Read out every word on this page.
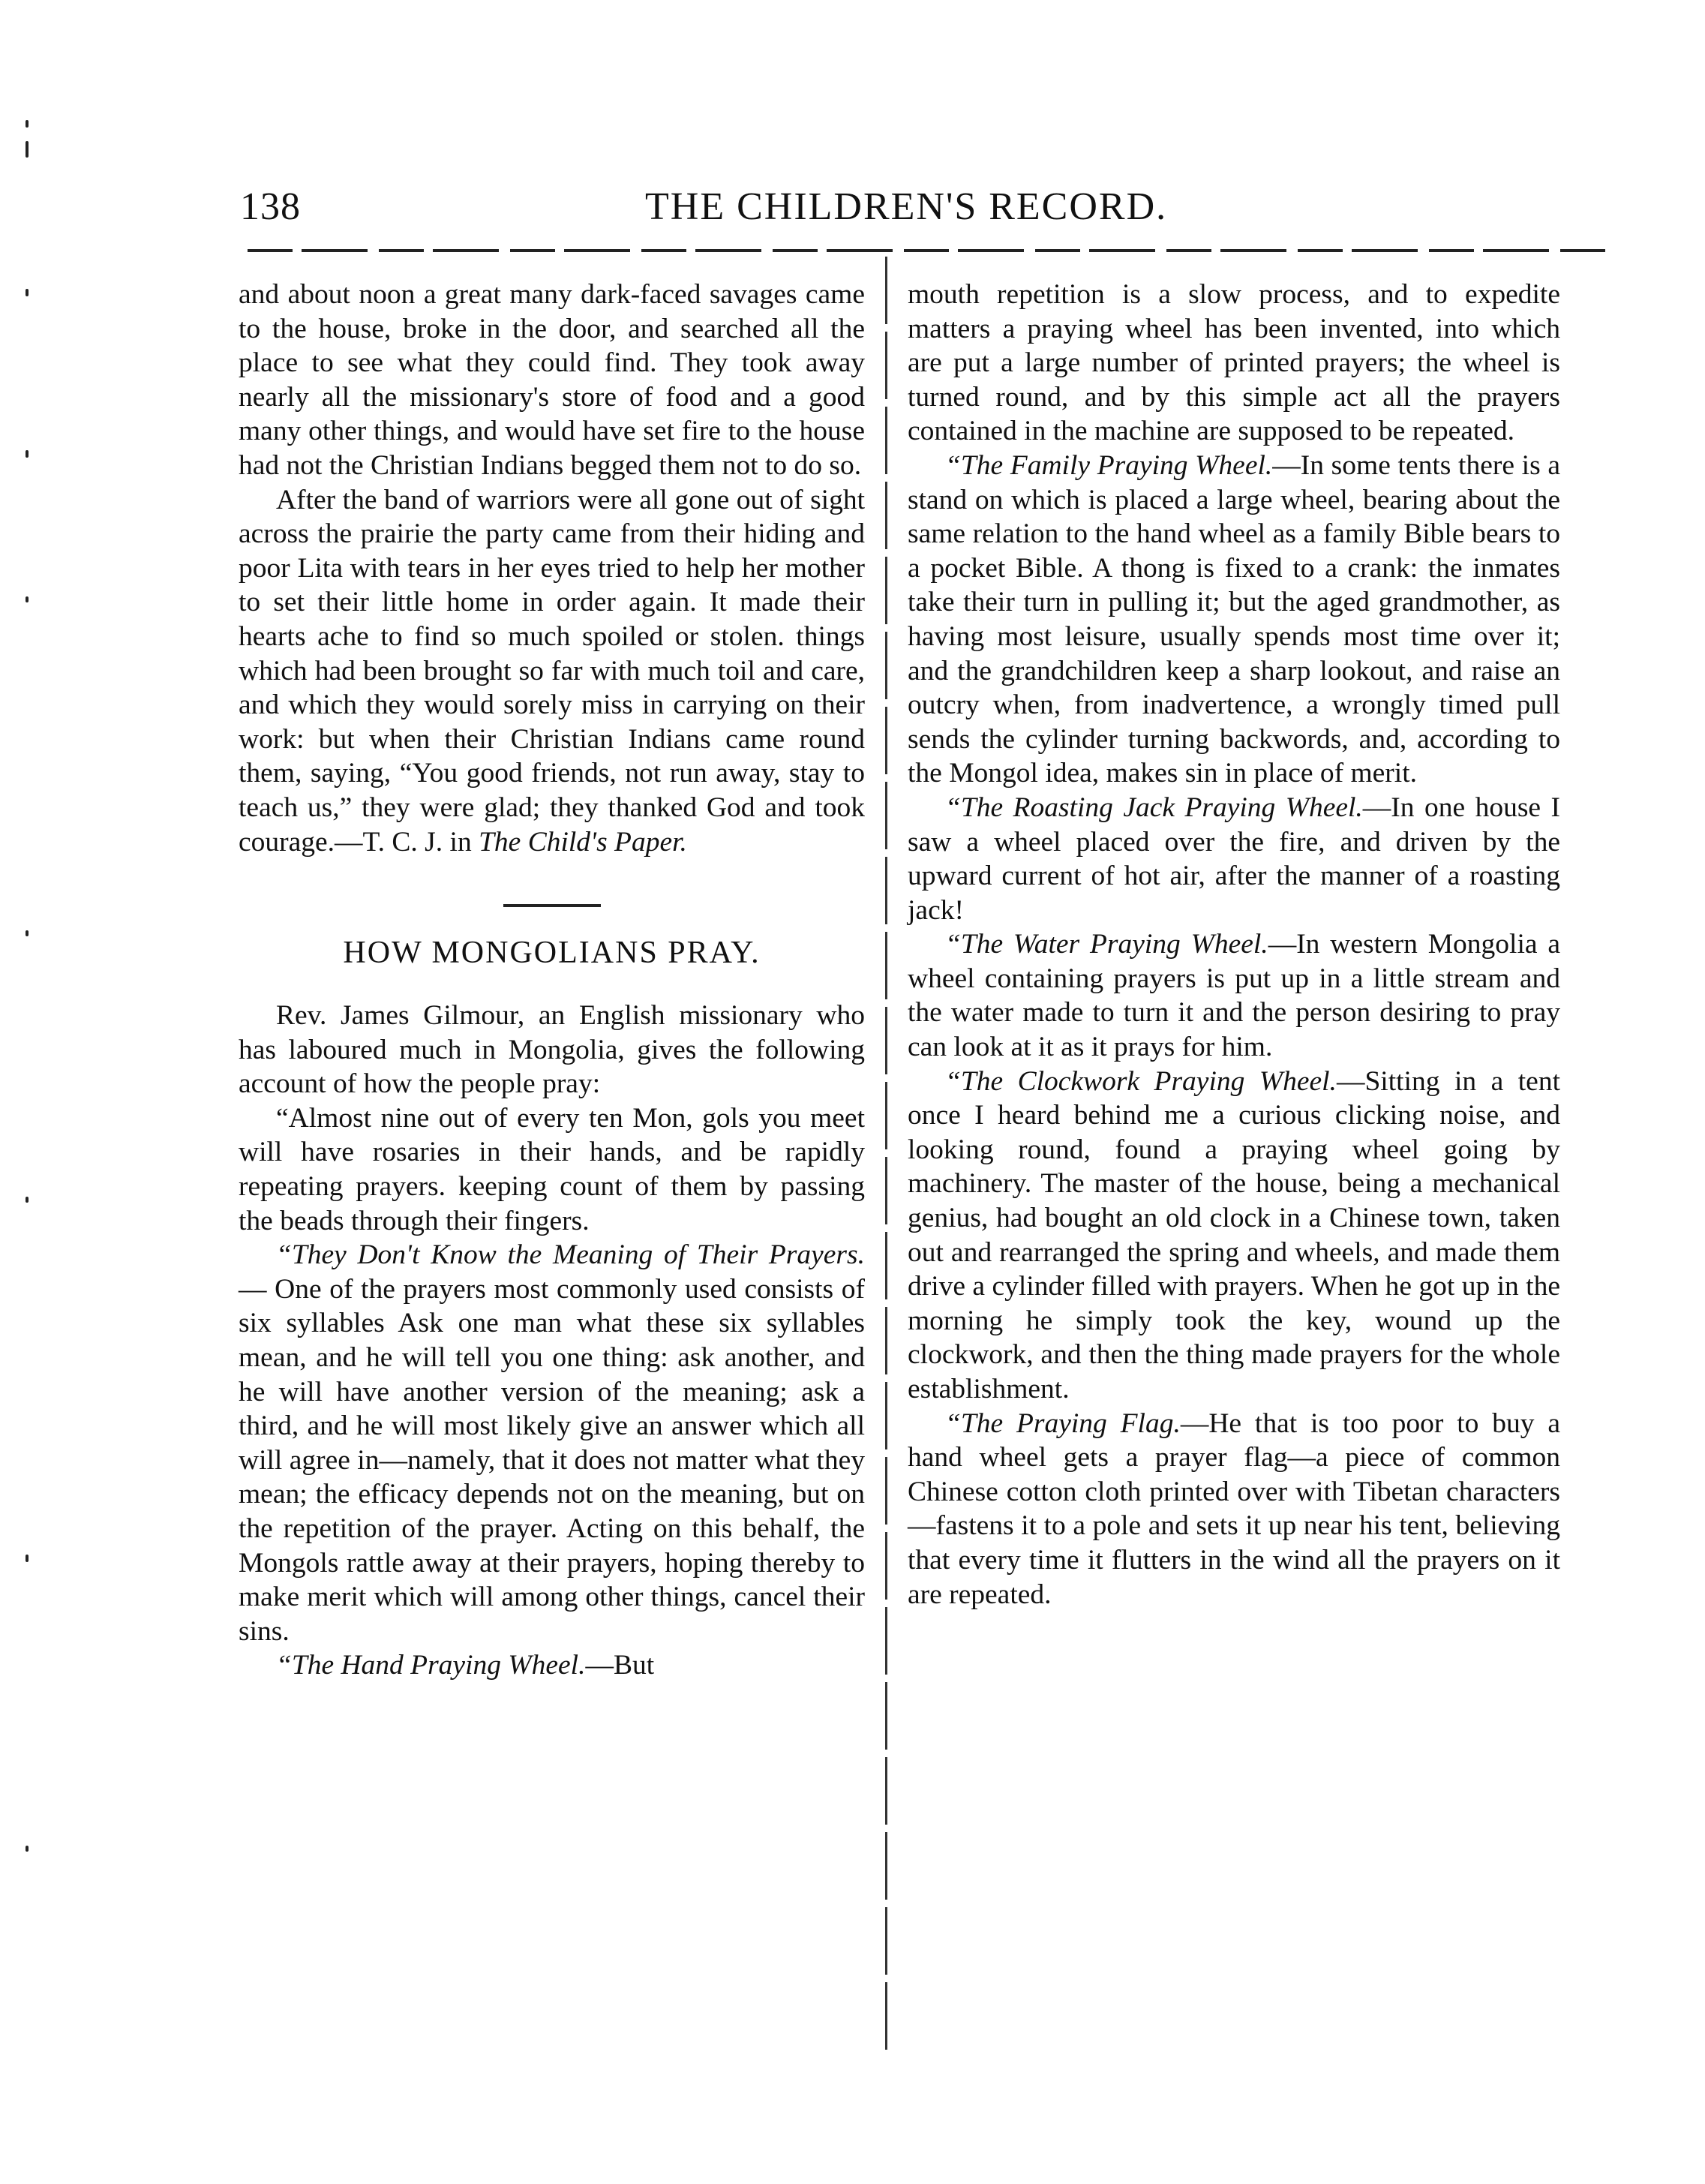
138	THE CHILDREN'S RECORD.

and about noon a great many dark-faced savages came to the house, broke in the door, and searched all the place to see what they could find. They took away nearly all the missionary's store of food and a good many other things, and would have set fire to the house had not the Christian Indians begged them not to do so.

After the band of warriors were all gone out of sight across the prairie the party came from their hiding and poor Lita with tears in her eyes tried to help her mother to set their little home in order again. It made their hearts ache to find so much spoiled or stolen. things which had been brought so far with much toil and care, and which they would sorely miss in carrying on their work: but when their Christian Indians came round them, saying, “You good friends, not run away, stay to teach us,” they were glad; they thanked God and took courage.—T. C. J. in The Child's Paper.

HOW MONGOLIANS PRAY.

Rev. James Gilmour, an English missionary who has laboured much in Mongolia, gives the following account of how the people pray:

“Almost nine out of every ten Mon, gols you meet will have rosaries in their hands, and be rapidly repeating prayers. keeping count of them by passing the beads through their fingers.

“They Don't Know the Meaning of Their Prayers.— One of the prayers most commonly used consists of six syllables Ask one man what these six syllables mean, and he will tell you one thing: ask another, and he will have another version of the meaning; ask a third, and he will most likely give an answer which all will agree in—namely, that it does not matter what they mean; the efficacy depends not on the meaning, but on the repetition of the prayer. Acting on this behalf, the Mongols rattle away at their prayers, hoping thereby to make merit which will among other things, cancel their sins.

“The Hand Praying Wheel.—But

mouth repetition is a slow process, and to expedite matters a praying wheel has been invented, into which are put a large number of printed prayers; the wheel is turned round, and by this simple act all the prayers contained in the machine are supposed to be repeated.

“The Family Praying Wheel.—In some tents there is a stand on which is placed a large wheel, bearing about the same relation to the hand wheel as a family Bible bears to a pocket Bible. A thong is fixed to a crank: the inmates take their turn in pulling it; but the aged grandmother, as having most leisure, usually spends most time over it; and the grandchildren keep a sharp lookout, and raise an outcry when, from inadvertence, a wrongly timed pull sends the cylinder turning backwords, and, according to the Mongol idea, makes sin in place of merit.

“The Roasting Jack Praying Wheel.—In one house I saw a wheel placed over the fire, and driven by the upward current of hot air, after the manner of a roasting jack!

“The Water Praying Wheel.—In western Mongolia a wheel containing prayers is put up in a little stream and the water made to turn it and the person desiring to pray can look at it as it prays for him.

“The Clockwork Praying Wheel.—Sitting in a tent once I heard behind me a curious clicking noise, and looking round, found a praying wheel going by machinery. The master of the house, being a mechanical genius, had bought an old clock in a Chinese town, taken out and rearranged the spring and wheels, and made them drive a cylinder filled with prayers. When he got up in the morning he simply took the key, wound up the clockwork, and then the thing made prayers for the whole establishment.

“The Praying Flag.—He that is too poor to buy a hand wheel gets a prayer flag—a piece of common Chinese cotton cloth printed over with Tibetan characters—fastens it to a pole and sets it up near his tent, believing that every time it flutters in the wind all the prayers on it are repeated.
